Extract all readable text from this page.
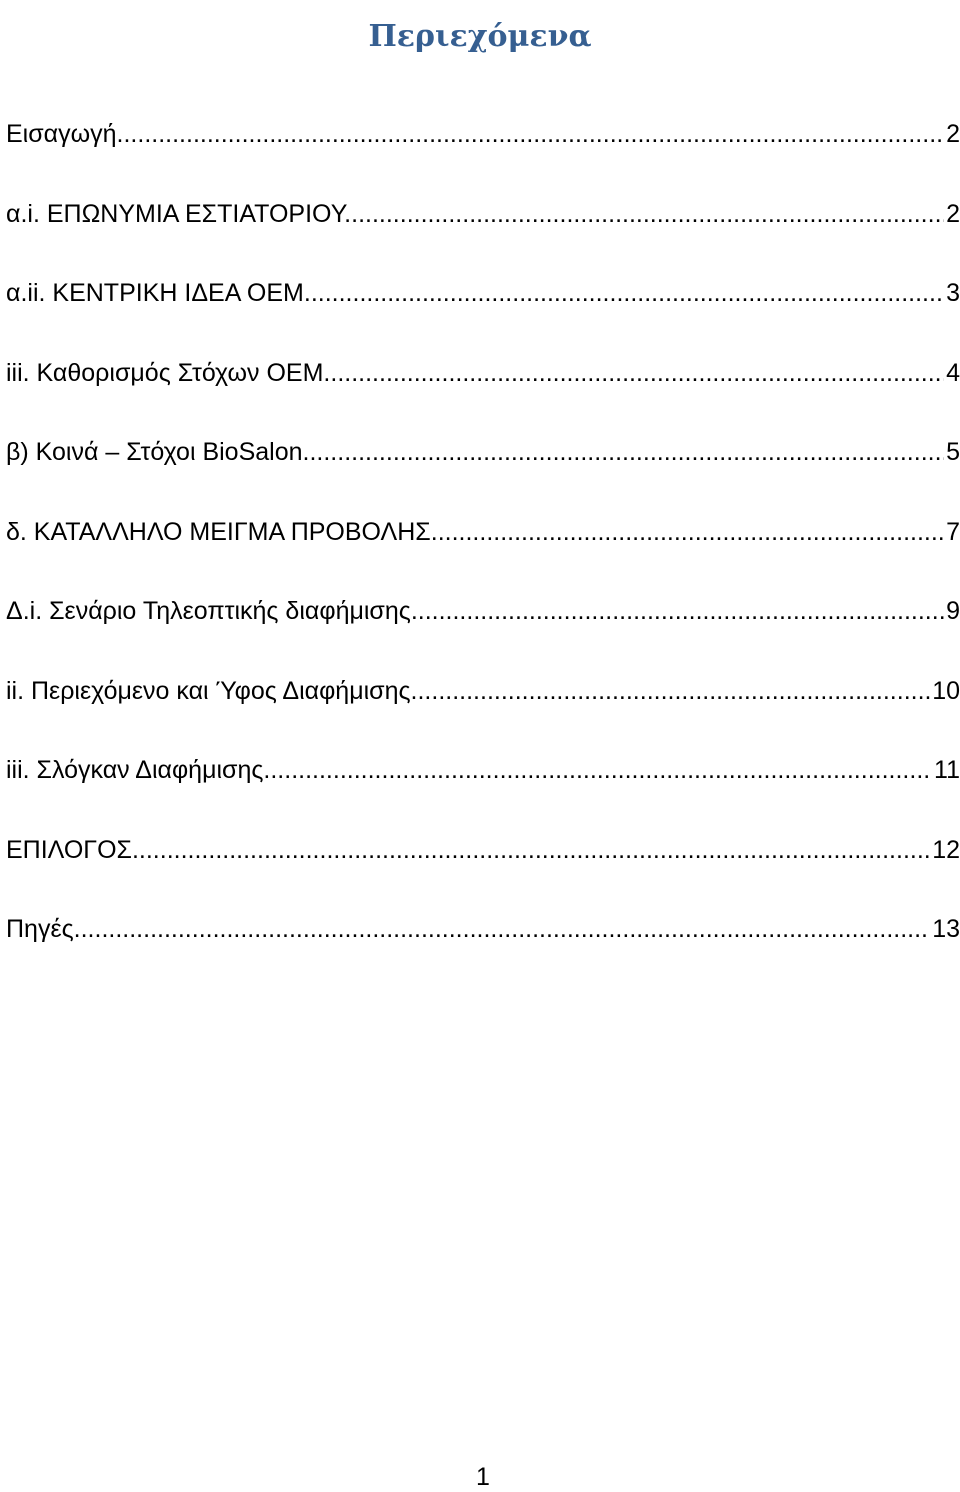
Περιεχόμενα
Εισαγωγή. .....	2
α.i. ΕΠΩΝΥΜΙΑ ΕΣΤΙΑΤΟΡΙΟΥ. .....	2
α.ii. ΚΕΝΤΡΙΚΗ ΙΔΕΑ ΟΕΜ. .....	3
iii. Καθορισμός Στόχων ΟΕΜ. .....	4
β) Κοινά – Στόχοι BioSalon. .....	5
δ. ΚΑΤΑΛΛΗΛΟ ΜΕΙΓΜΑ ΠΡΟΒΟΛΗΣ .....	7
Δ.i. Σενάριο Τηλεοπτικής διαφήμισης .....	9
ii. Περιεχόμενο και Ύφος Διαφήμισης. .....	10
iii. Σλόγκαν Διαφήμισης. .....	11
ΕΠΙΛΟΓΟΣ .....	12
Πηγές. .....	13
1
